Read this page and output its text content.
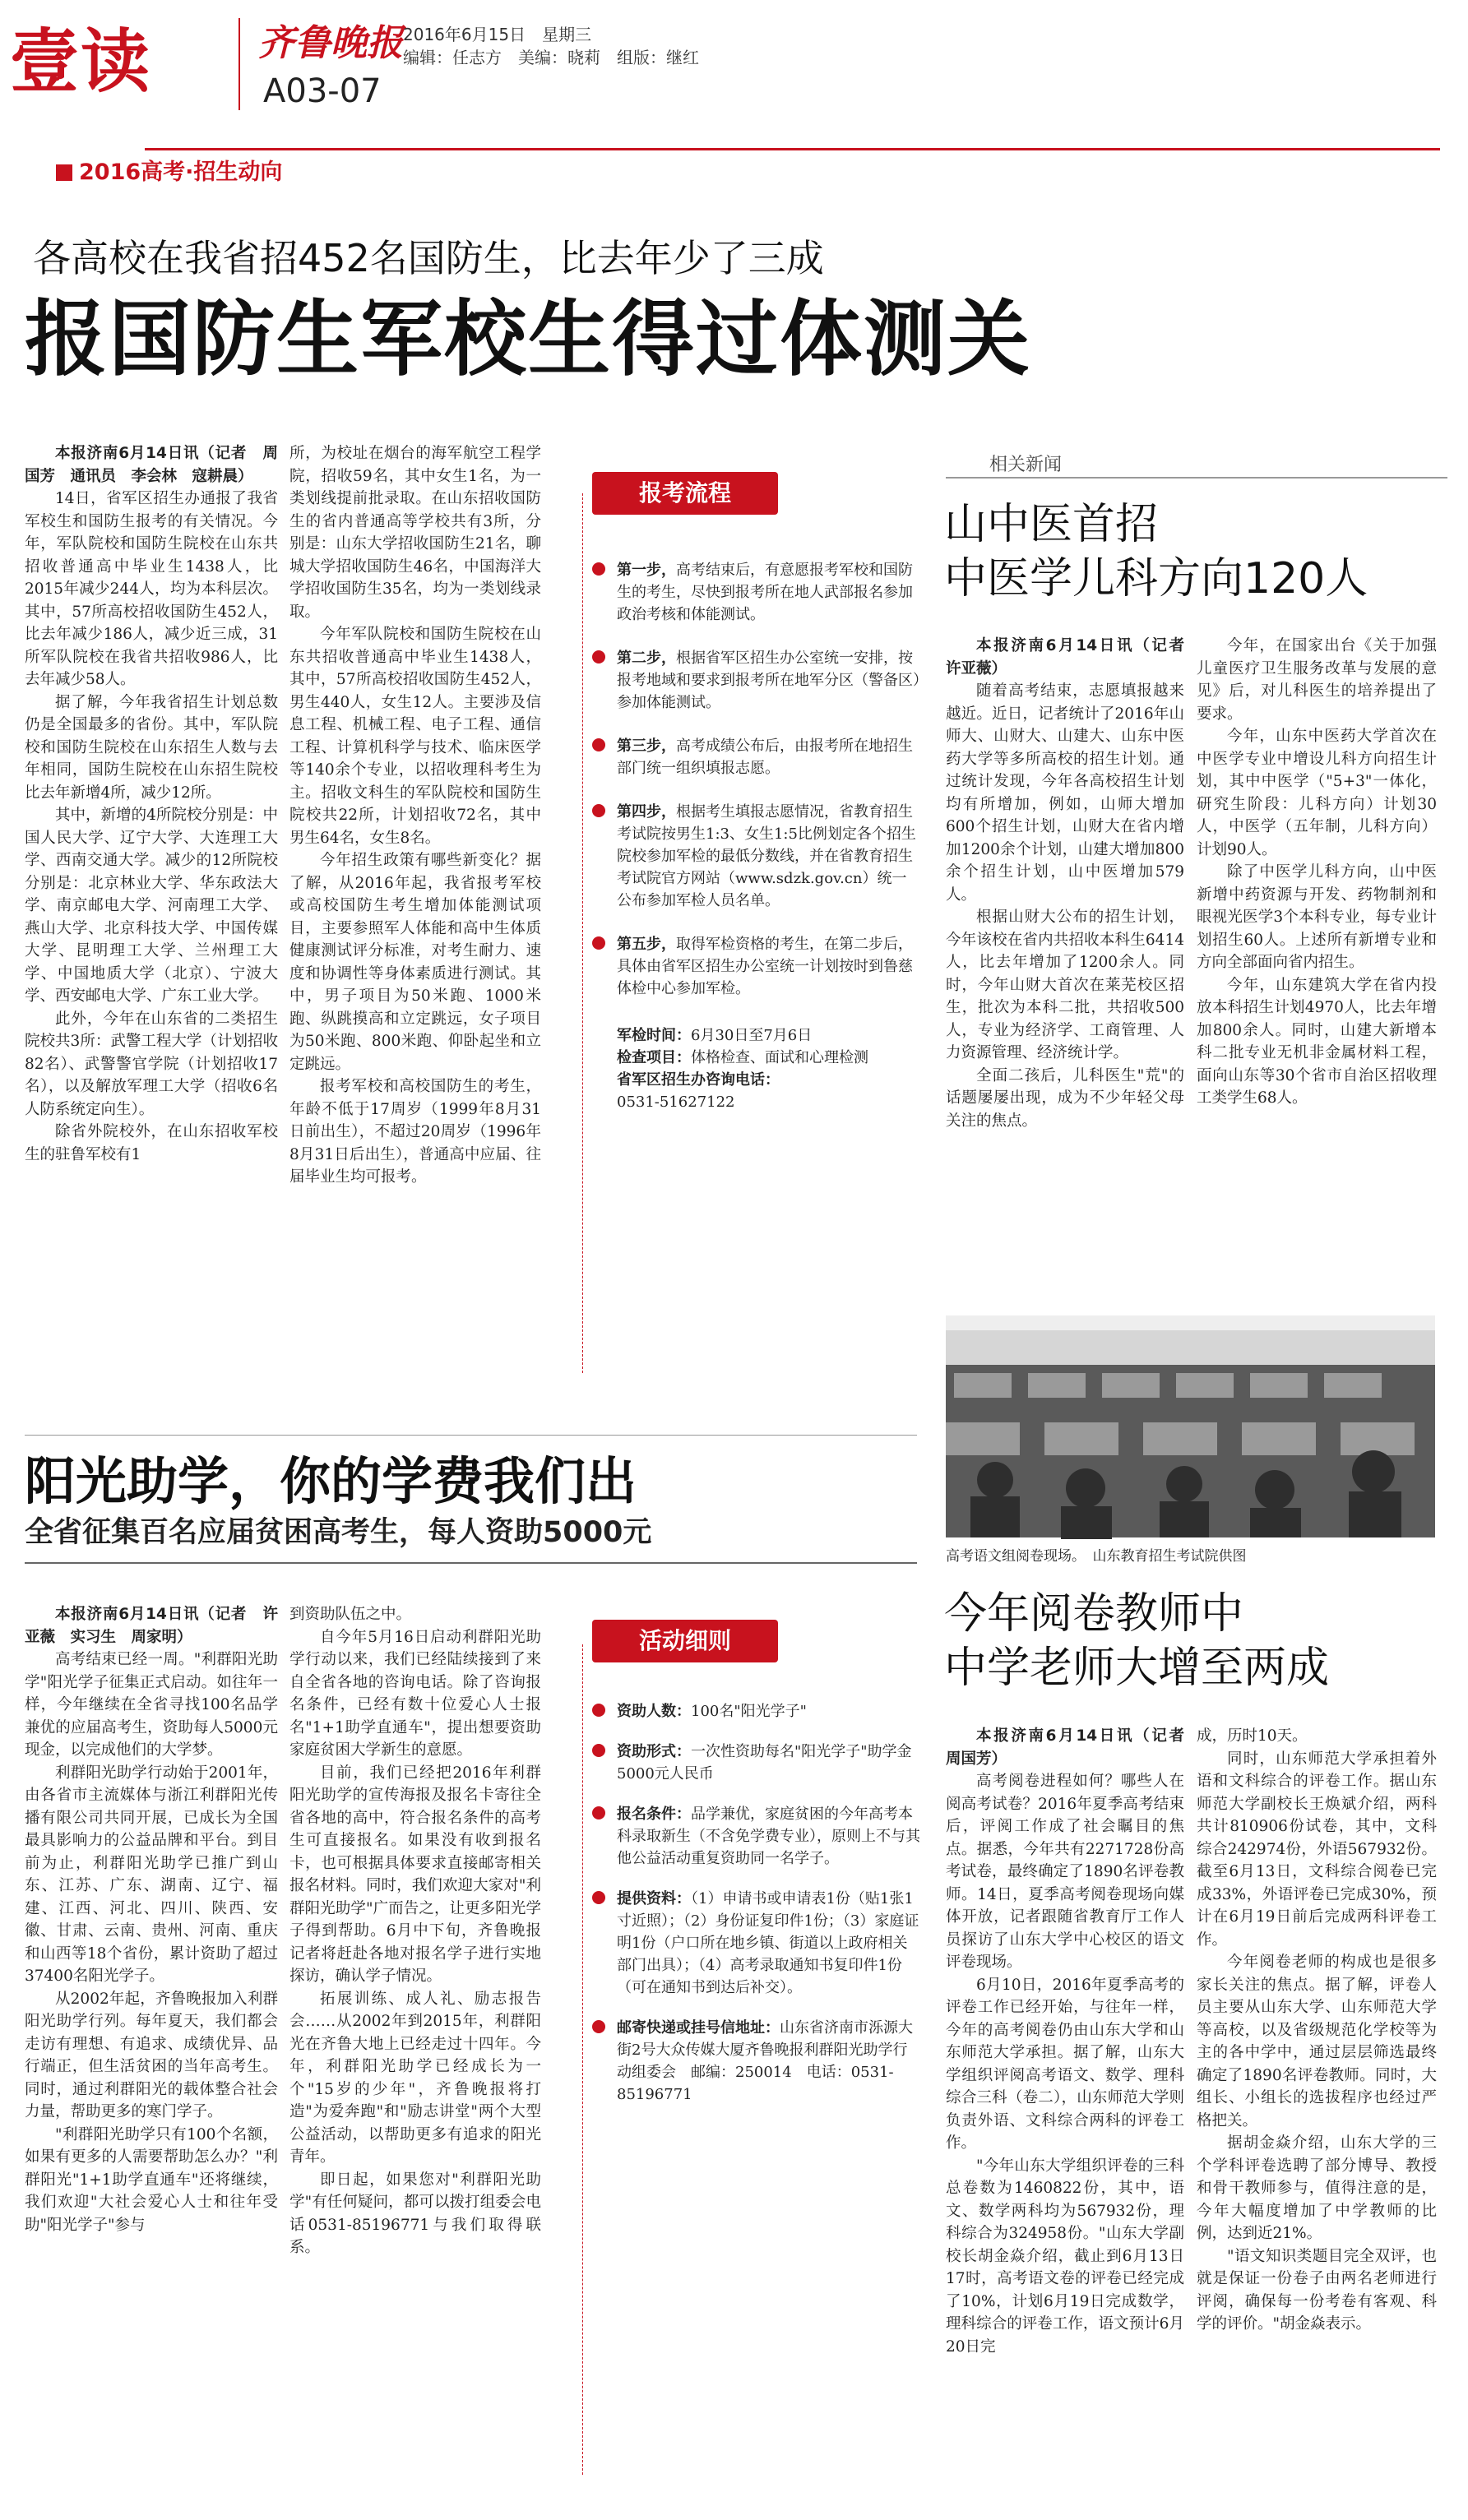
壹读	齐鲁晚报
A03-07
2016年6月15日　星期三
编辑：任志方　美编：晓莉　组版：继红
2016高考·招生动向
各高校在我省招452名国防生，比去年少了三成
报国防生军校生得过体测关

本报济南6月14日讯（记者　周国芳　通讯员　李会林　寇耕晨）

14日，省军区招生办通报了我省军校生和国防生报考的有关情况。今年，军队院校和国防生院校在山东共招收普通高中毕业生1438人，比2015年减少244人，均为本科层次。其中，57所高校招收国防生452人，比去年减少186人，减少近三成，31所军队院校在我省共招收986人，比去年减少58人。

据了解，今年我省招生计划总数仍是全国最多的省份。其中，军队院校和国防生院校在山东招生人数与去年相同，国防生院校在山东招生院校比去年新增4所，减少12所。

其中，新增的4所院校分别是：中国人民大学、辽宁大学、大连理工大学、西南交通大学。减少的12所院校分别是：北京林业大学、华东政法大学、南京邮电大学、河南理工大学、燕山大学、北京科技大学、中国传媒大学、昆明理工大学、兰州理工大学、中国地质大学（北京）、宁波大学、西安邮电大学、广东工业大学。

此外，今年在山东省的二类招生院校共3所：武警工程大学（计划招收82名）、武警警官学院（计划招收17名），以及解放军理工大学（招收6名人防系统定向生）。

除省外院校外，在山东招收军校生的驻鲁军校有1

所，为校址在烟台的海军航空工程学院，招收59名，其中女生1名，为一类划线提前批录取。在山东招收国防生的省内普通高等学校共有3所，分别是：山东大学招收国防生21名，聊城大学招收国防生46名，中国海洋大学招收国防生35名，均为一类划线录取。

今年军队院校和国防生院校在山东共招收普通高中毕业生1438人，其中，57所高校招收国防生452人，男生440人，女生12人。主要涉及信息工程、机械工程、电子工程、通信工程、计算机科学与技术、临床医学等140余个专业，以招收理科考生为主。招收文科生的军队院校和国防生院校共22所，计划招收72名，其中男生64名，女生8名。

今年招生政策有哪些新变化？据了解，从2016年起，我省报考军校或高校国防生考生增加体能测试项目，主要参照军人体能和高中生体质健康测试评分标准，对考生耐力、速度和协调性等身体素质进行测试。其中，男子项目为50米跑、1000米跑、纵跳摸高和立定跳远，女子项目为50米跑、800米跑、仰卧起坐和立定跳远。

报考军校和高校国防生的考生，年龄不低于17周岁（1999年8月31日前出生），不超过20周岁（1996年8月31日后出生），普通高中应届、往届毕业生均可报考。

报考流程
第一步，高考结束后，有意愿报考军校和国防生的考生，尽快到报考所在地人武部报名参加政治考核和体能测试。
第二步，根据省军区招生办公室统一安排，按报考地域和要求到报考所在地军分区（警备区）参加体能测试。
第三步，高考成绩公布后，由报考所在地招生部门统一组织填报志愿。
第四步，根据考生填报志愿情况，省教育招生考试院按男生1:3、女生1:5比例划定各个招生院校参加军检的最低分数线，并在省教育招生考试院官方网站（www.sdzk.gov.cn）统一公布参加军检人员名单。
第五步，取得军检资格的考生，在第二步后，具体由省军区招生办公室统一计划按时到鲁慈体检中心参加军检。
军检时间：6月30日至7月6日
检查项目：体格检查、面试和心理检测
省军区招生办咨询电话：
0531-51627122
相关新闻
山中医首招
中医学儿科方向120人

本报济南6月14日讯（记者　许亚薇）

随着高考结束，志愿填报越来越近。近日，记者统计了2016年山师大、山财大、山建大、山东中医药大学等多所高校的招生计划。通过统计发现，今年各高校招生计划均有所增加，例如，山师大增加600个招生计划，山财大在省内增加1200余个计划，山建大增加800余个招生计划，山中医增加579人。

根据山财大公布的招生计划，今年该校在省内共招收本科生6414人，比去年增加了1200余人。同时，今年山财大首次在莱芜校区招生，批次为本科二批，共招收500人，专业为经济学、工商管理、人力资源管理、经济统计学。

全面二孩后，儿科医生"荒"的话题屡屡出现，成为不少年轻父母关注的焦点。

今年，在国家出台《关于加强儿童医疗卫生服务改革与发展的意见》后，对儿科医生的培养提出了要求。

今年，山东中医药大学首次在中医学专业中增设儿科方向招生计划，其中中医学（"5+3"一体化，研究生阶段：儿科方向）计划30人，中医学（五年制，儿科方向）计划90人。

除了中医学儿科方向，山中医新增中药资源与开发、药物制剂和眼视光医学3个本科专业，每专业计划招生60人。上述所有新增专业和方向全部面向省内招生。

今年，山东建筑大学在省内投放本科招生计划4970人，比去年增加800余人。同时，山建大新增本科二批专业无机非金属材料工程，面向山东等30个省市自治区招收理工类学生68人。

高考语文组阅卷现场。　山东教育招生考试院供图
阳光助学，你的学费我们出
全省征集百名应届贫困高考生，每人资助5000元

本报济南6月14日讯（记者　许亚薇　实习生　周家明）

高考结束已经一周。"利群阳光助学"阳光学子征集正式启动。如往年一样，今年继续在全省寻找100名品学兼优的应届高考生，资助每人5000元现金，以完成他们的大学梦。

利群阳光助学行动始于2001年，由各省市主流媒体与浙江利群阳光传播有限公司共同开展，已成长为全国最具影响力的公益品牌和平台。到目前为止，利群阳光助学已推广到山东、江苏、广东、湖南、辽宁、福建、江西、河北、四川、陕西、安徽、甘肃、云南、贵州、河南、重庆和山西等18个省份，累计资助了超过37400名阳光学子。

从2002年起，齐鲁晚报加入利群阳光助学行列。每年夏天，我们都会走访有理想、有追求、成绩优异、品行端正，但生活贫困的当年高考生。同时，通过利群阳光的载体整合社会力量，帮助更多的寒门学子。

"利群阳光助学只有100个名额，如果有更多的人需要帮助怎么办？"利群阳光"1+1助学直通车"还将继续，我们欢迎"大社会爱心人士和往年受助"阳光学子"参与

到资助队伍之中。

自今年5月16日启动利群阳光助学行动以来，我们已经陆续接到了来自全省各地的咨询电话。除了咨询报名条件，已经有数十位爱心人士报名"1+1助学直通车"，提出想要资助家庭贫困大学新生的意愿。

目前，我们已经把2016年利群阳光助学的宣传海报及报名卡寄往全省各地的高中，符合报名条件的高考生可直接报名。如果没有收到报名卡，也可根据具体要求直接邮寄相关报名材料。同时，我们欢迎大家对"利群阳光助学"广而告之，让更多阳光学子得到帮助。6月中下旬，齐鲁晚报记者将赶赴各地对报名学子进行实地探访，确认学子情况。

拓展训练、成人礼、励志报告会……从2002年到2015年，利群阳光在齐鲁大地上已经走过十四年。今年，利群阳光助学已经成长为一个"15岁的少年"，齐鲁晚报将打造"为爱奔跑"和"励志讲堂"两个大型公益活动，以帮助更多有追求的阳光青年。

即日起，如果您对"利群阳光助学"有任何疑问，都可以拨打组委会电话0531-85196771与我们取得联系。

活动细则
资助人数：100名"阳光学子"
资助形式：一次性资助每名"阳光学子"助学金5000元人民币
报名条件：品学兼优，家庭贫困的今年高考本科录取新生（不含免学费专业），原则上不与其他公益活动重复资助同一名学子。
提供资料：（1）申请书或申请表1份（贴1张1寸近照）；（2）身份证复印件1份；（3）家庭证明1份（户口所在地乡镇、街道以上政府相关部门出具）；（4）高考录取通知书复印件1份（可在通知书到达后补交）。
邮寄快递或挂号信地址：山东省济南市泺源大街2号大众传媒大厦齐鲁晚报利群阳光助学行动组委会　邮编：250014　电话：0531-85196771
今年阅卷教师中
中学老师大增至两成

本报济南6月14日讯（记者　周国芳）

高考阅卷进程如何？哪些人在阅高考试卷？2016年夏季高考结束后，评阅工作成了社会瞩目的焦点。据悉，今年共有2271728份高考试卷，最终确定了1890名评卷教师。14日，夏季高考阅卷现场向媒体开放，记者跟随省教育厅工作人员探访了山东大学中心校区的语文评卷现场。

6月10日，2016年夏季高考的评卷工作已经开始，与往年一样，今年的高考阅卷仍由山东大学和山东师范大学承担。据了解，山东大学组织评阅高考语文、数学、理科综合三科（卷二），山东师范大学则负责外语、文科综合两科的评卷工作。

"今年山东大学组织评卷的三科总卷数为1460822份，其中，语文、数学两科均为567932份，理科综合为324958份。"山东大学副校长胡金焱介绍，截止到6月13日17时，高考语文卷的评卷已经完成了10%，计划6月19日完成数学，理科综合的评卷工作，语文预计6月20日完

成，历时10天。

同时，山东师范大学承担着外语和文科综合的评卷工作。据山东师范大学副校长王焕斌介绍，两科共计810906份试卷，其中，文科综合242974份，外语567932份。截至6月13日，文科综合阅卷已完成33%，外语评卷已完成30%，预计在6月19日前后完成两科评卷工作。

今年阅卷老师的构成也是很多家长关注的焦点。据了解，评卷人员主要从山东大学、山东师范大学等高校，以及省级规范化学校等为主的各中学中，通过层层筛选最终确定了1890名评卷教师。同时，大组长、小组长的选拔程序也经过严格把关。

据胡金焱介绍，山东大学的三个学科评卷选聘了部分博导、教授和骨干教师参与，值得注意的是，今年大幅度增加了中学教师的比例，达到近21%。

"语文知识类题目完全双评，也就是保证一份卷子由两名老师进行评阅，确保每一份考卷有客观、科学的评价。"胡金焱表示。
